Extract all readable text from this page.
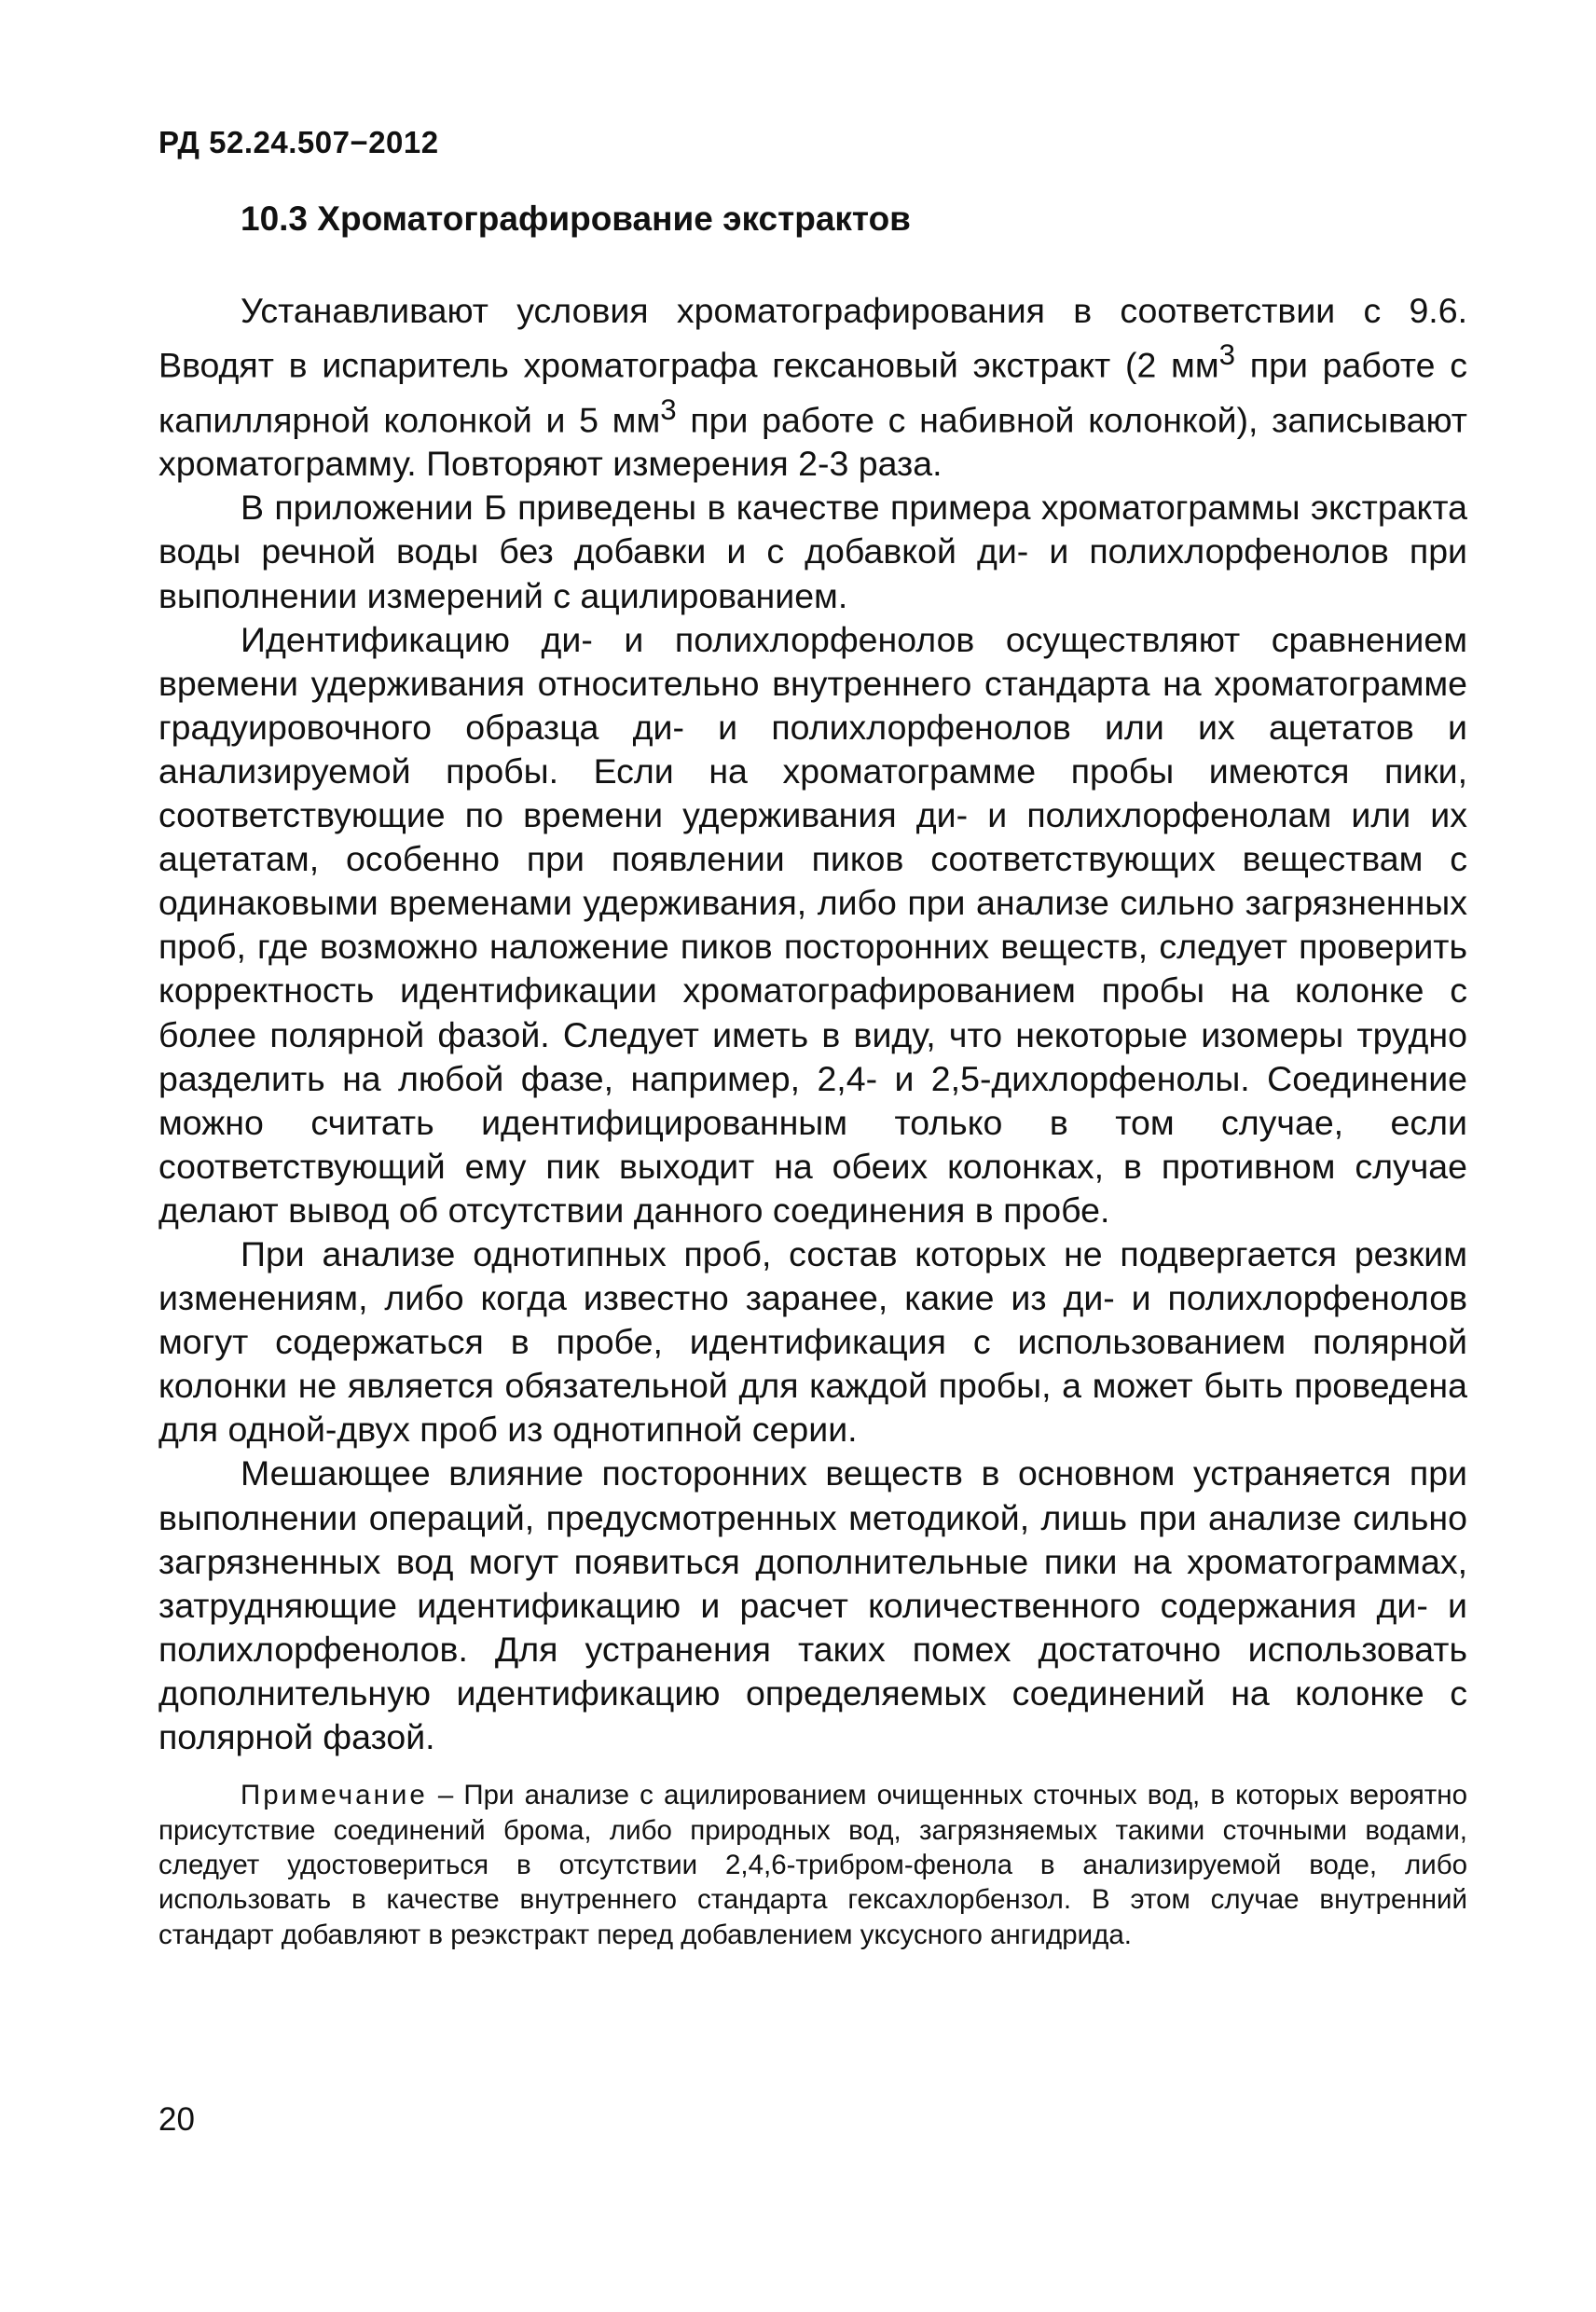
РД 52.24.507−2012

10.3 Хроматографирование экстрактов

Устанавливают условия хроматографирования в соответствии с 9.6. Вводят в испаритель хроматографа гексановый экстракт (2 $мм^3$ при работе с капиллярной колонкой и 5 $мм^3$ при работе с набивной колонкой), записывают хроматограмму. Повторяют измерения 2-3 раза.

В приложении Б приведены в качестве примера хроматограммы экстракта воды речной воды без добавки и с добавкой ди- и полихлорфенолов при выполнении измерений с ацилированием.

Идентификацию ди- и полихлорфенолов осуществляют сравнением времени удерживания относительно внутреннего стандарта на хроматограмме градуировочного образца ди- и полихлорфенолов или их ацетатов и анализируемой пробы. Если на хроматограмме пробы имеются пики, соответствующие по времени удерживания ди- и полихлорфенолам или их ацетатам, особенно при появлении пиков соответствующих веществам с одинаковыми временами удерживания, либо при анализе сильно загрязненных проб, где возможно наложение пиков посторонних веществ, следует проверить корректность идентификации хроматографированием пробы на колонке с более полярной фазой. Следует иметь в виду, что некоторые изомеры трудно разделить на любой фазе, например, 2,4- и 2,5-дихлорфенолы. Соединение можно считать идентифицированным только в том случае, если соответствующий ему пик выходит на обеих колонках, в противном случае делают вывод об отсутствии данного соединения в пробе.

При анализе однотипных проб, состав которых не подвергается резким изменениям, либо когда известно заранее, какие из ди- и полихлорфенолов могут содержаться в пробе, идентификация с использованием полярной колонки не является обязательной для каждой пробы, а может быть проведена для одной-двух проб из однотипной серии.

Мешающее влияние посторонних веществ в основном устраняется при выполнении операций, предусмотренных методикой, лишь при анализе сильно загрязненных вод могут появиться дополнительные пики на хроматограммах, затрудняющие идентификацию и расчет количественного содержания ди- и полихлорфенолов. Для устранения таких помех достаточно использовать дополнительную идентификацию определяемых соединений на колонке с полярной фазой.

Примечание – При анализе с ацилированием очищенных сточных вод, в которых вероятно присутствие соединений брома, либо природных вод, загрязняемых такими сточными водами, следует удостовериться в отсутствии 2,4,6-трибром-фенола в анализируемой воде, либо использовать в качестве внутреннего стандарта гексахлорбензол. В этом случае внутренний стандарт добавляют в реэкстракт перед добавлением уксусного ангидрида.

20
